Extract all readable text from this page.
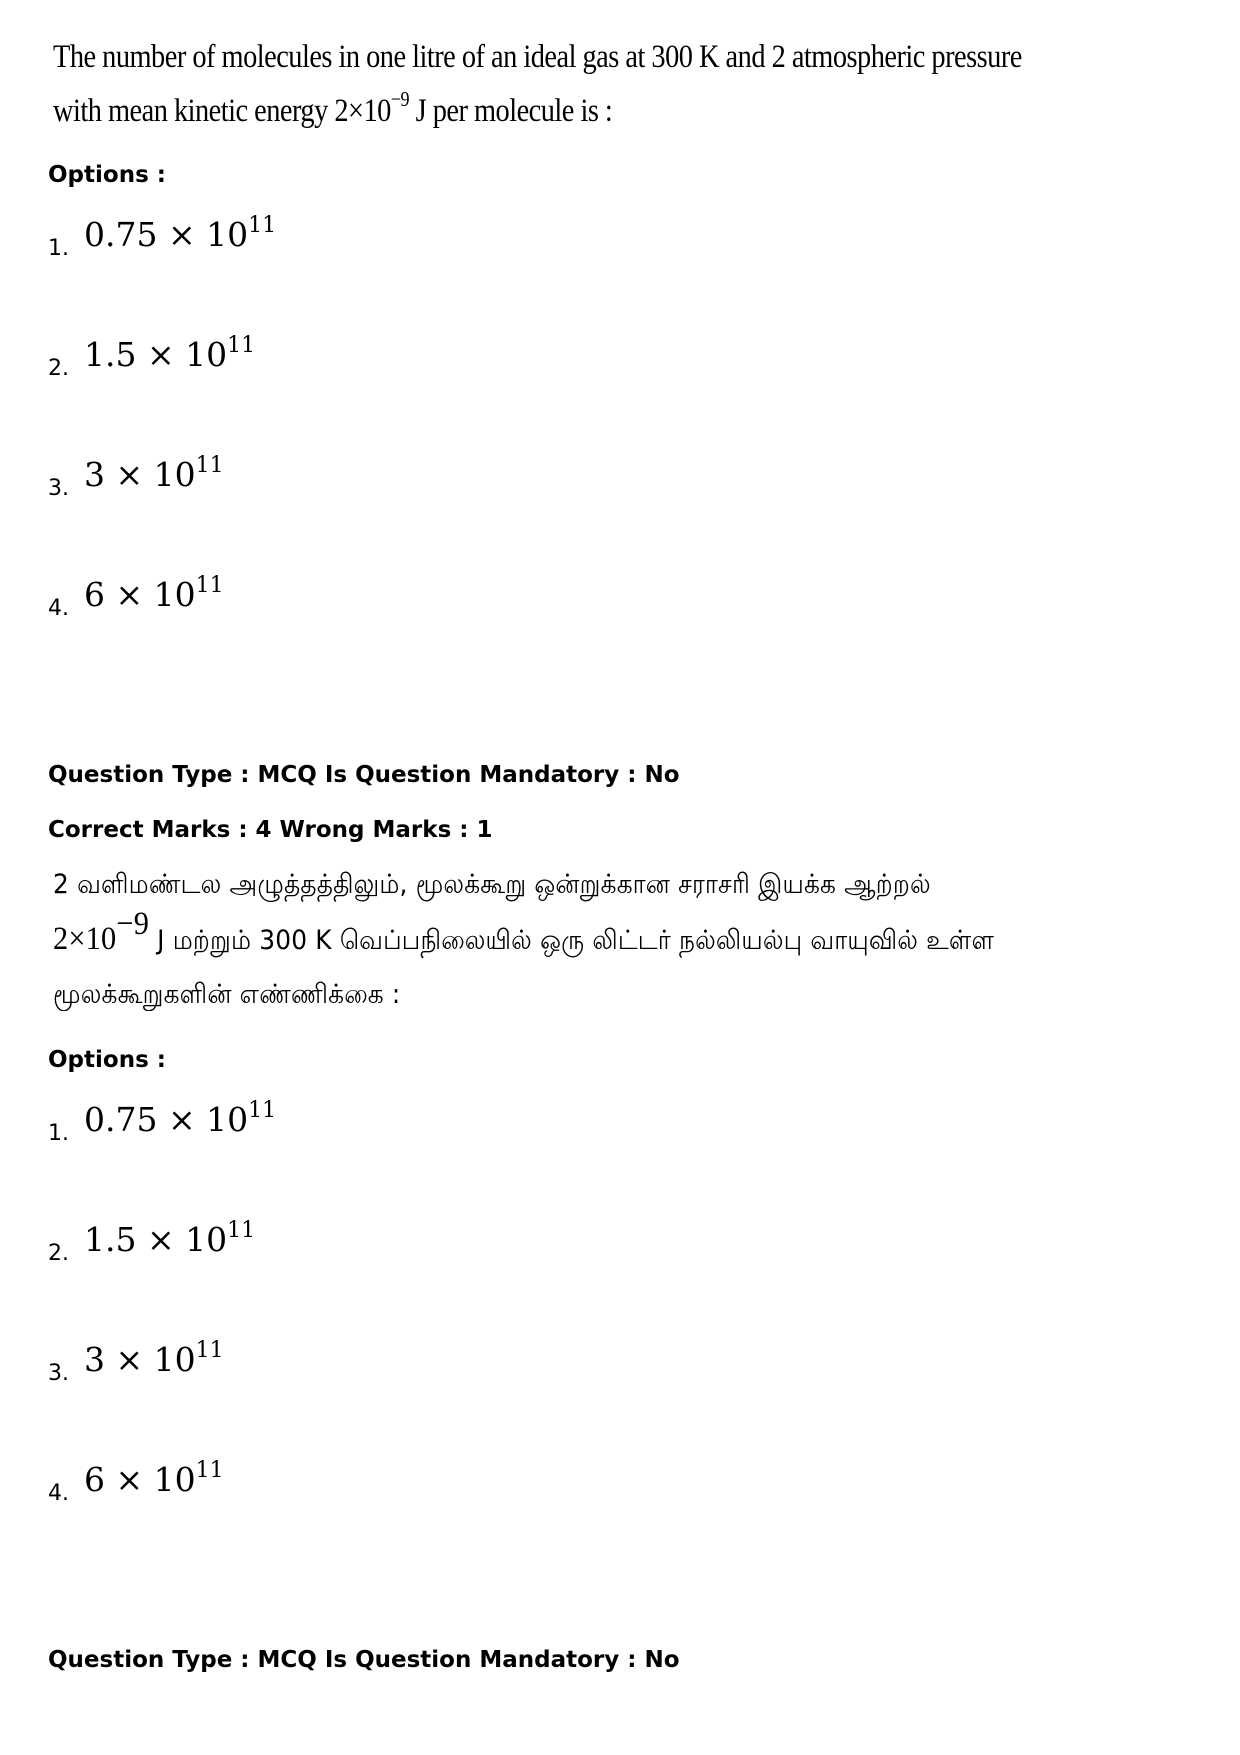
The number of molecules in one litre of an ideal gas at 300 K and 2 atmospheric pressure
with mean kinetic energy $2\times 10^{-9}$ J per molecule is :
Options :
1. $0.75 \times 10^{11}$
2. $1.5 \times 10^{11}$
3. $3 \times 10^{11}$
4. $6 \times 10^{11}$
Question Type : MCQ Is Question Mandatory : No
Correct Marks : 4 Wrong Marks : 1
2 வளிமண்டல அழுத்தத்திலும், மூலக்கூறு ஒன்றுக்கான சராசரி இயக்க ஆற்றல்
$2\times 10^{-9}$ J மற்றும் 300 K வெப்பநிலையில் ஒரு லிட்டர் நல்லியல்பு வாயுவில் உள்ள
மூலக்கூறுகளின் எண்ணிக்கை :
Options :
1. $0.75 \times 10^{11}$
2. $1.5 \times 10^{11}$
3. $3 \times 10^{11}$
4. $6 \times 10^{11}$
Question Type : MCQ Is Question Mandatory : No
